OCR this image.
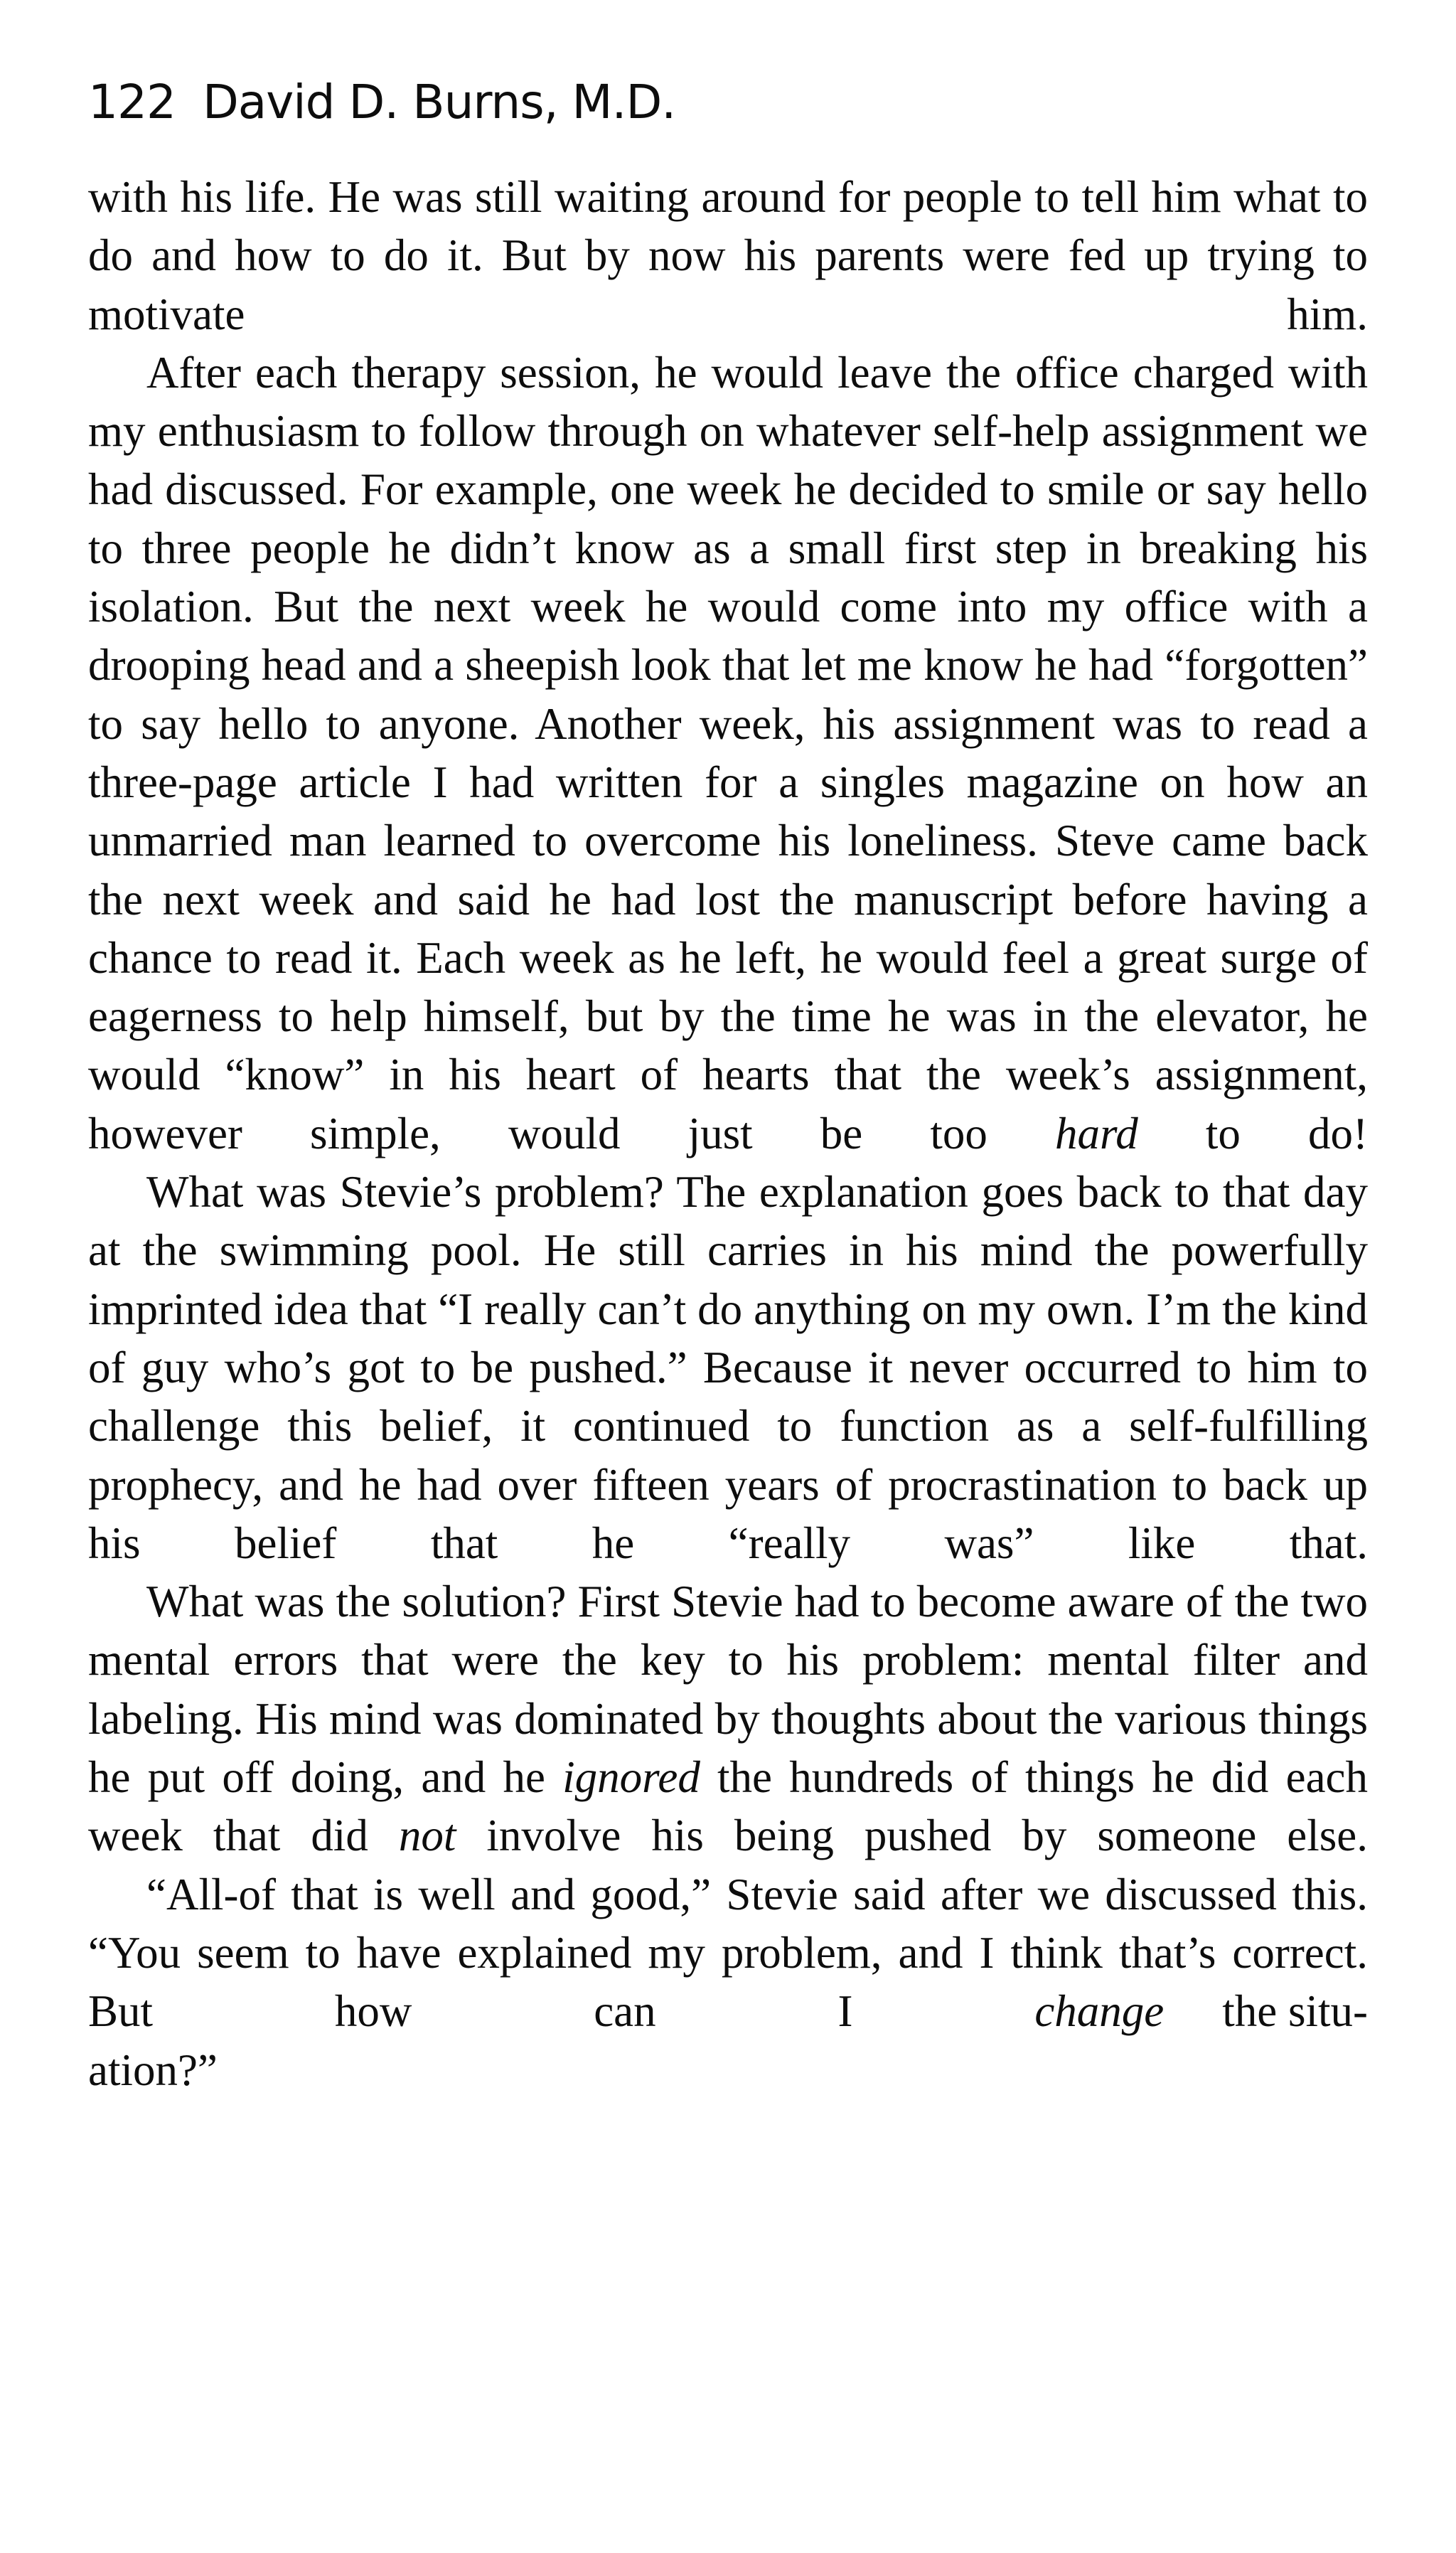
122 David D. Burns, M.D.

with his life. He was still waiting around for people to tell him what to do and how to do it. But by now his parents were fed up trying to motivate him.

After each therapy session, he would leave the office charged with my enthusiasm to follow through on whatever self-help assignment we had discussed. For example, one week he decided to smile or say hello to three people he didn’t know as a small first step in breaking his isolation. But the next week he would come into my office with a drooping head and a sheepish look that let me know he had “forgotten” to say hello to anyone. Another week, his assignment was to read a three-page article I had written for a singles magazine on how an unmarried man learned to overcome his loneliness. Steve came back the next week and said he had lost the manuscript before having a chance to read it. Each week as he left, he would feel a great surge of eagerness to help himself, but by the time he was in the elevator, he would “know” in his heart of hearts that the week’s assignment, however simple, would just be too hard to do!

What was Stevie’s problem? The explanation goes back to that day at the swimming pool. He still carries in his mind the powerfully imprinted idea that “I really can’t do anything on my own. I’m the kind of guy who’s got to be pushed.” Because it never occurred to him to challenge this belief, it continued to function as a self-fulfilling prophecy, and he had over fifteen years of procrastination to back up his belief that he “really was” like that.

What was the solution? First Stevie had to become aware of the two mental errors that were the key to his problem: mental filter and labeling. His mind was dominated by thoughts about the various things he put off doing, and he ignored the hundreds of things he did each week that did not involve his being pushed by someone else.

“All-of that is well and good,” Stevie said after we discussed this. “You seem to have explained my problem, and I think that’s correct. But how can I changethe situ-

ation?”
